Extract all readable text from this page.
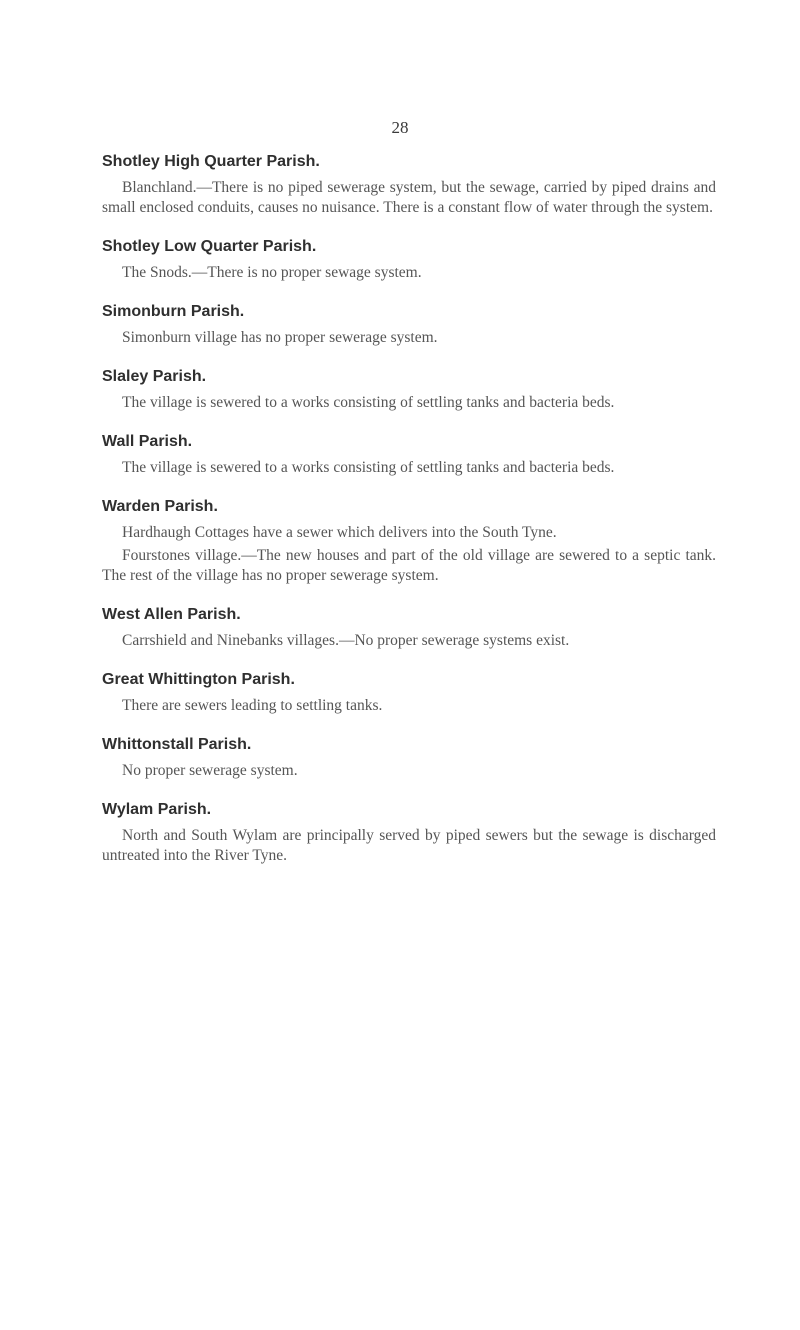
28
Shotley High Quarter Parish.

Blanchland.—There is no piped sewerage system, but the sewage, carried by piped drains and small enclosed conduits, causes no nuisance. There is a constant flow of water through the system.

Shotley Low Quarter Parish.

The Snods.—There is no proper sewage system.

Simonburn Parish.

Simonburn village has no proper sewerage system.

Slaley Parish.

The village is sewered to a works consisting of settling tanks and bacteria beds.

Wall Parish.

The village is sewered to a works consisting of settling tanks and bacteria beds.

Warden Parish.

Hardhaugh Cottages have a sewer which delivers into the South Tyne.

Fourstones village.—The new houses and part of the old village are sewered to a septic tank. The rest of the village has no proper sewerage system.

West Allen Parish.

Carrshield and Ninebanks villages.—No proper sewerage systems exist.

Great Whittington Parish.

There are sewers leading to settling tanks.

Whittonstall Parish.

No proper sewerage system.

Wylam Parish.

North and South Wylam are principally served by piped sewers but the sewage is discharged untreated into the River Tyne.
